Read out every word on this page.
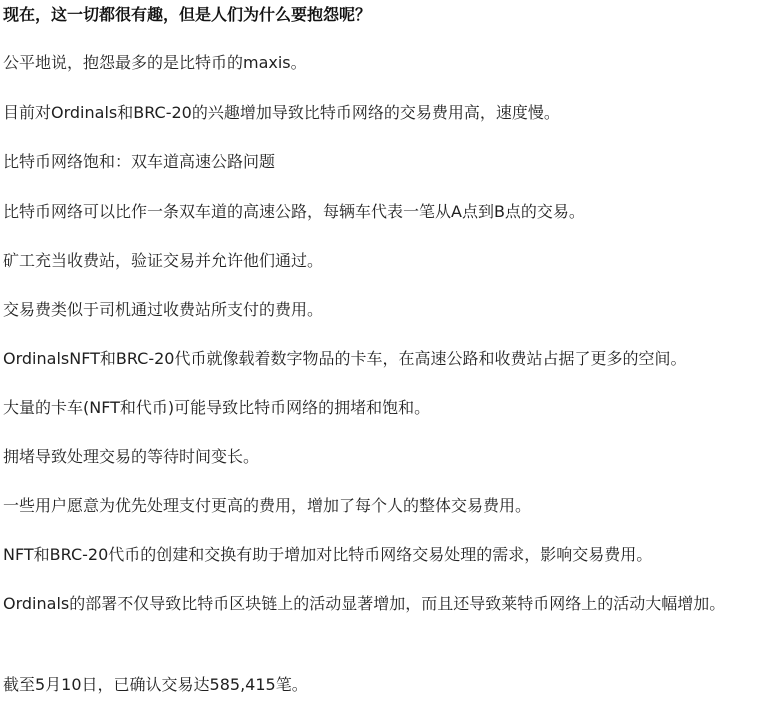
现在，这一切都很有趣，但是人们为什么要抱怨呢？

公平地说，抱怨最多的是比特币的maxis。

目前对Ordinals和BRC-20的兴趣增加导致比特币网络的交易费用高，速度慢。

比特币网络饱和：双车道高速公路问题

比特币网络可以比作一条双车道的高速公路，每辆车代表一笔从A点到B点的交易。

矿工充当收费站，验证交易并允许他们通过。

交易费类似于司机通过收费站所支付的费用。

OrdinalsNFT和BRC-20代币就像载着数字物品的卡车，在高速公路和收费站占据了更多的空间。

大量的卡车(NFT和代币)可能导致比特币网络的拥堵和饱和。

拥堵导致处理交易的等待时间变长。

一些用户愿意为优先处理支付更高的费用，增加了每个人的整体交易费用。

NFT和BRC-20代币的创建和交换有助于增加对比特币网络交易处理的需求，影响交易费用。

Ordinals的部署不仅导致比特币区块链上的活动显著增加，而且还导致莱特币网络上的活动大幅增加。

截至5月10日，已确认交易达585,415笔。
